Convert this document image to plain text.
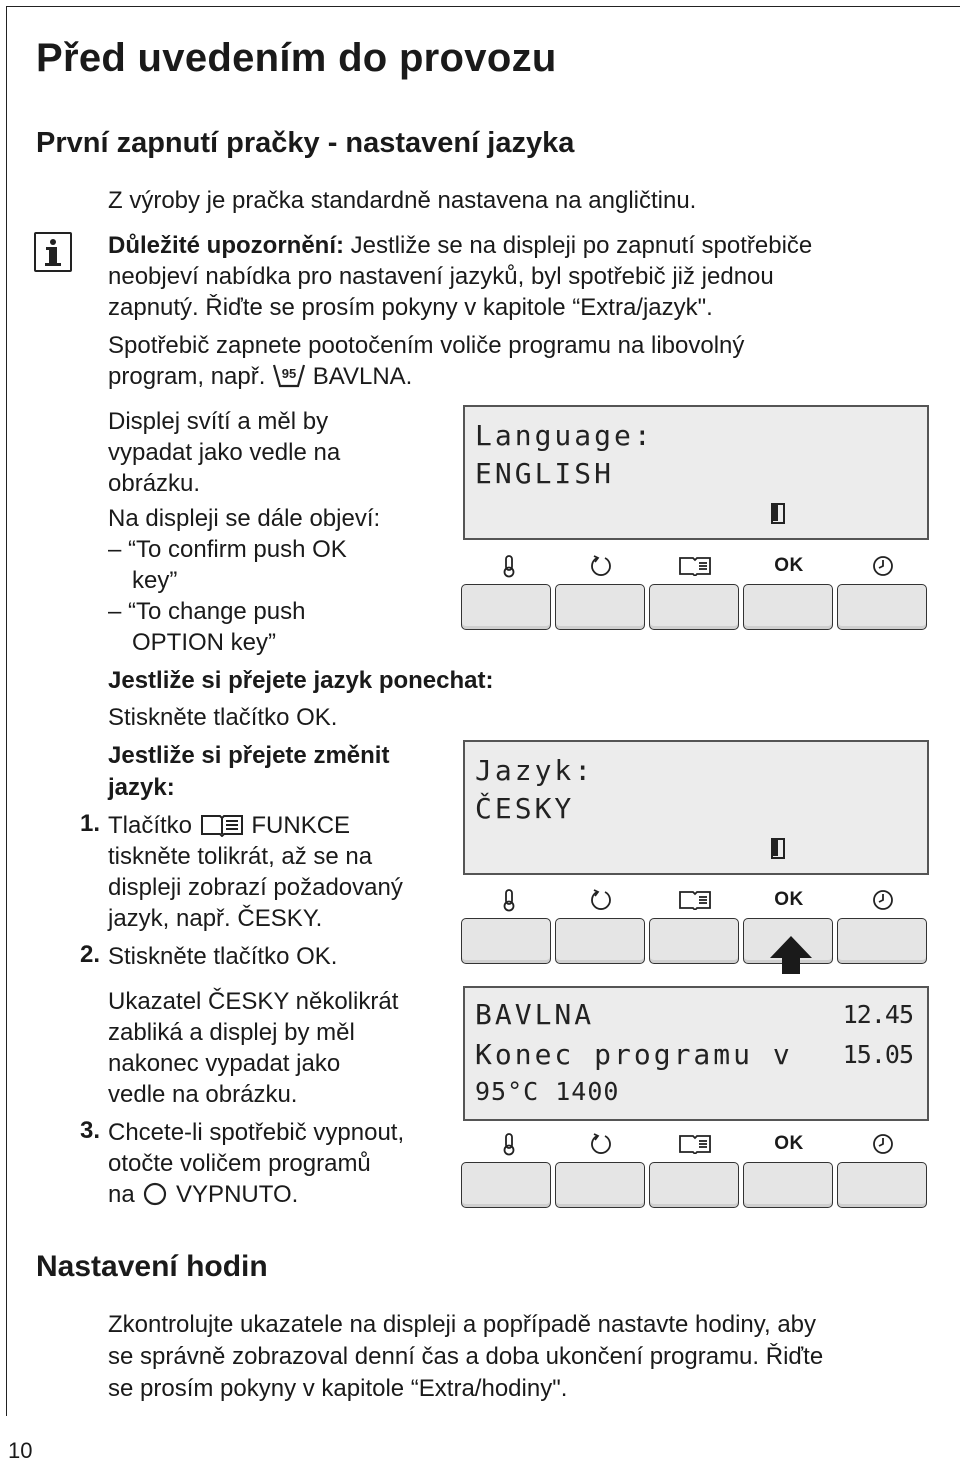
10
Před uvedením do provozu
První zapnutí pračky - nastavení jazyka
Z výroby je pračka standardně nastavena na angličtinu.
Důležité upozornění: Jestliže se na displeji po zapnutí spotřebiče
neobjeví nabídka pro nastavení jazyků, byl spotřebič již jednou
zapnutý. Řiďte se prosím pokyny v kapitole “Extra/jazyk".
Spotřebič zapnete pootočením voliče programu na libovolný
program, např. 95 BAVLNA.
Displej svítí a měl by
vypadat jako vedle na
obrázku.
Na displeji se dále objeví:
– “To confirm push OK
key”
– “To change push
OPTION key”
Jestliže si přejete jazyk ponechat:
Stiskněte tlačítko OK.
Jestliže si přejete změnit
jazyk:
1. Tlačítko  FUNKCE
tiskněte tolikrát, až se na
displeji zobrazí požadovaný
jazyk, např. ČESKY.
2. Stiskněte tlačítko OK.
Ukazatel ČESKY několikrát
zabliká a displej by měl
nakonec vypadat jako
vedle na obrázku.
3. Chcete-li spotřebič vypnout,
otočte voličem programů
na  VYPNUTO.
Language:
ENGLISH
OK
Jazyk:
ČESKY
OK
BAVLNA
Konec programu v
95°C 1400
12.45
15.05
OK
Nastavení hodin
Zkontrolujte ukazatele na displeji a popřípadě nastavte hodiny, aby
se správně zobrazoval denní čas a doba ukončení programu. Řiďte
se prosím pokyny v kapitole “Extra/hodiny".
